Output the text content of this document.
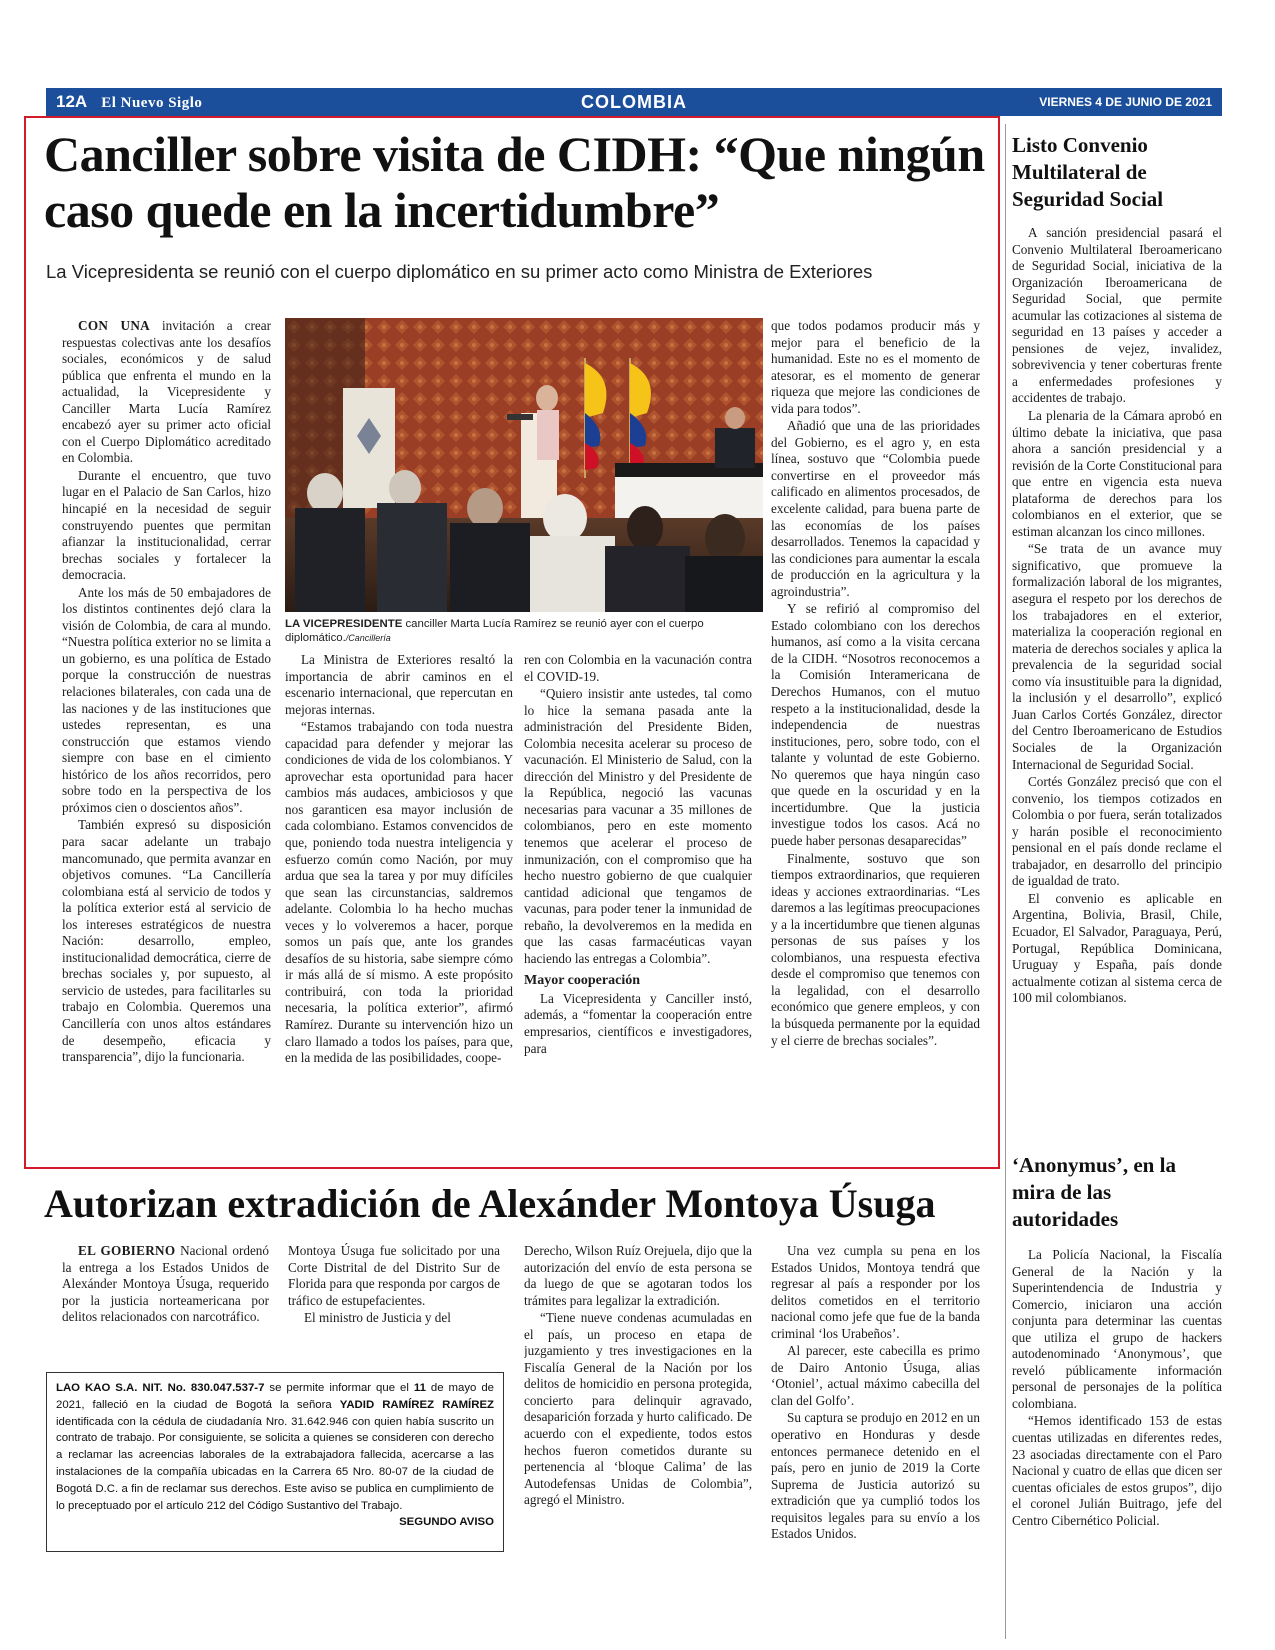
12A El Nuevo Siglo	COLOMBIA	VIERNES 4 DE JUNIO DE 2021
Canciller sobre visita de CIDH: “Que ningún caso quede en la incertidumbre”
La Vicepresidenta se reunió con el cuerpo diplomático en su primer acto como Ministra de Exteriores

CON UNA invitación a crear respuestas colectivas ante los desafíos sociales, económicos y de salud pública que enfrenta el mundo en la actualidad, la Vicepresidente y Canciller Marta Lucía Ramírez encabezó ayer su primer acto oficial con el Cuerpo Diplomático acreditado en Colombia.

Durante el encuentro, que tuvo lugar en el Palacio de San Carlos, hizo hincapié en la necesidad de seguir construyendo puentes que permitan afianzar la institucionalidad, cerrar brechas sociales y fortalecer la democracia.

Ante los más de 50 embajadores de los distintos continentes dejó clara la visión de Colombia, de cara al mundo. “Nuestra política exterior no se limita a un gobierno, es una política de Estado porque la construcción de nuestras relaciones bilaterales, con cada una de las naciones y de las instituciones que ustedes representan, es una construcción que estamos viendo siempre con base en el cimiento histórico de los años recorridos, pero sobre todo en la perspectiva de los próximos cien o doscientos años”.

También expresó su disposición para sacar adelante un trabajo mancomunado, que permita avanzar en objetivos comunes. “La Cancillería colombiana está al servicio de todos y la política exterior está al servicio de los intereses estratégicos de nuestra Nación: desarrollo, empleo, institucionalidad democrática, cierre de brechas sociales y, por supuesto, al servicio de ustedes, para facilitarles su trabajo en Colombia. Queremos una Cancillería con unos altos estándares de desempeño, eficacia y transparencia”, dijo la funcionaria.

LA VICEPRESIDENTE canciller Marta Lucía Ramírez se reunió ayer con el cuerpo diplomático./Cancillería

La Ministra de Exteriores resaltó la importancia de abrir caminos en el escenario internacional, que repercutan en mejoras internas.

“Estamos trabajando con toda nuestra capacidad para defender y mejorar las condiciones de vida de los colombianos. Y aprovechar esta oportunidad para hacer cambios más audaces, ambiciosos y que nos garanticen esa mayor inclusión de cada colombiano. Estamos convencidos de que, poniendo toda nuestra inteligencia y esfuerzo común como Nación, por muy ardua que sea la tarea y por muy difíciles que sean las circunstancias, saldremos adelante. Colombia lo ha hecho muchas veces y lo volveremos a hacer, porque somos un país que, ante los grandes desafíos de su historia, sabe siempre cómo ir más allá de sí mismo. A este propósito contribuirá, con toda la prioridad necesaria, la política exterior”, afirmó Ramírez. Durante su intervención hizo un claro llamado a todos los países, para que, en la medida de las posibilidades, coope-

ren con Colombia en la vacunación contra el COVID-19.

“Quiero insistir ante ustedes, tal como lo hice la semana pasada ante la administración del Presidente Biden, Colombia necesita acelerar su proceso de vacunación. El Ministerio de Salud, con la dirección del Ministro y del Presidente de la República, negoció las vacunas necesarias para vacunar a 35 millones de colombianos, pero en este momento tenemos que acelerar el proceso de inmunización, con el compromiso que ha hecho nuestro gobierno de que cualquier cantidad adicional que tengamos de vacunas, para poder tener la inmunidad de rebaño, la devolveremos en la medida en que las casas farmacéuticas vayan haciendo las entregas a Colombia”.

Mayor cooperación

La Vicepresidenta y Canciller instó, además, a “fomentar la cooperación entre empresarios, científicos e investigadores, para

que todos podamos producir más y mejor para el beneficio de la humanidad. Este no es el momento de atesorar, es el momento de generar riqueza que mejore las condiciones de vida para todos”.

Añadió que una de las prioridades del Gobierno, es el agro y, en esta línea, sostuvo que “Colombia puede convertirse en el proveedor más calificado en alimentos procesados, de excelente calidad, para buena parte de las economías de los países desarrollados. Tenemos la capacidad y las condiciones para aumentar la escala de producción en la agricultura y la agroindustria”.

Y se refirió al compromiso del Estado colombiano con los derechos humanos, así como a la visita cercana de la CIDH. “Nosotros reconocemos a la Comisión Interamericana de Derechos Humanos, con el mutuo respeto a la institucionalidad, desde la independencia de nuestras instituciones, pero, sobre todo, con el talante y voluntad de este Gobierno. No queremos que haya ningún caso que quede en la oscuridad y en la incertidumbre. Que la justicia investigue todos los casos. Acá no puede haber personas desaparecidas”

Finalmente, sostuvo que son tiempos extraordinarios, que requieren ideas y acciones extraordinarias. “Les daremos a las legítimas preocupaciones y a la incertidumbre que tienen algunas personas de sus países y los colombianos, una respuesta efectiva desde el compromiso que tenemos con la legalidad, con el desarrollo económico que genere empleos, y con la búsqueda permanente por la equidad y el cierre de brechas sociales”.

Listo Convenio Multilateral de Seguridad Social

A sanción presidencial pasará el Convenio Multilateral Iberoamericano de Seguridad Social, iniciativa de la Organización Iberoamericana de Seguridad Social, que permite acumular las cotizaciones al sistema de seguridad en 13 países y acceder a pensiones de vejez, invalidez, sobrevivencia y tener coberturas frente a enfermedades profesiones y accidentes de trabajo.

La plenaria de la Cámara aprobó en último debate la iniciativa, que pasa ahora a sanción presidencial y a revisión de la Corte Constitucional para que entre en vigencia esta nueva plataforma de derechos para los colombianos en el exterior, que se estiman alcanzan los cinco millones.

“Se trata de un avance muy significativo, que promueve la formalización laboral de los migrantes, asegura el respeto por los derechos de los trabajadores en el exterior, materializa la cooperación regional en materia de derechos sociales y aplica la prevalencia de la seguridad social como vía insustituible para la dignidad, la inclusión y el desarrollo”, explicó Juan Carlos Cortés González, director del Centro Iberoamericano de Estudios Sociales de la Organización Internacional de Seguridad Social.

Cortés González precisó que con el convenio, los tiempos cotizados en Colombia o por fuera, serán totalizados y harán posible el reconocimiento pensional en el país donde reclame el trabajador, en desarrollo del principio de igualdad de trato.

El convenio es aplicable en Argentina, Bolivia, Brasil, Chile, Ecuador, El Salvador, Paraguaya, Perú, Portugal, República Dominicana, Uruguay y España, país donde actualmente cotizan al sistema cerca de 100 mil colombianos.

‘Anonymus’, en la mira de las autoridades

La Policía Nacional, la Fiscalía General de la Nación y la Superintendencia de Industria y Comercio, iniciaron una acción conjunta para determinar las cuentas que utiliza el grupo de hackers autodenominado ‘Anonymous’, que reveló públicamente información personal de personajes de la política colombiana.

“Hemos identificado 153 de estas cuentas utilizadas en diferentes redes, 23 asociadas directamente con el Paro Nacional y cuatro de ellas que dicen ser cuentas oficiales de estos grupos”, dijo el coronel Julián Buitrago, jefe del Centro Cibernético Policial.

Autorizan extradición de Alexánder Montoya Úsuga

EL GOBIERNO Nacional ordenó la entrega a los Estados Unidos de Alexánder Montoya Úsuga, requerido por la justicia norteamericana por delitos relacionados con narcotráfico.

Montoya Úsuga fue solicitado por una Corte Distrital de del Distrito Sur de Florida para que responda por cargos de tráfico de estupefacientes.

El ministro de Justicia y del

Derecho, Wilson Ruíz Orejuela, dijo que la autorización del envío de esta persona se da luego de que se agotaran todos los trámites para legalizar la extradición.

“Tiene nueve condenas acumuladas en el país, un proceso en etapa de juzgamiento y tres investigaciones en la Fiscalía General de la Nación por los delitos de homicidio en persona protegida, concierto para delinquir agravado, desaparición forzada y hurto calificado. De acuerdo con el expediente, todos estos hechos fueron cometidos durante su pertenencia al ‘bloque Calima’ de las Autodefensas Unidas de Colombia”, agregó el Ministro.

Una vez cumpla su pena en los Estados Unidos, Montoya tendrá que regresar al país a responder por los delitos cometidos en el territorio nacional como jefe que fue de la banda criminal ‘los Urabeños’.

Al parecer, este cabecilla es primo de Dairo Antonio Úsuga, alias ‘Otoniel’, actual máximo cabecilla del clan del Golfo’.

Su captura se produjo en 2012 en un operativo en Honduras y desde entonces permanece detenido en el país, pero en junio de 2019 la Corte Suprema de Justicia autorizó su extradición que ya cumplió todos los requisitos legales para su envío a los Estados Unidos.

LAO KAO S.A. NIT. No. 830.047.537-7 se permite informar que el 11 de mayo de 2021, falleció en la ciudad de Bogotá la señora YADID RAMÍREZ RAMÍREZ identificada con la cédula de ciudadanía Nro. 31.642.946 con quien había suscrito un contrato de trabajo. Por consiguiente, se solicita a quienes se consideren con derecho a reclamar las acreencias laborales de la extrabajadora fallecida, acercarse a las instalaciones de la compañía ubicadas en la Carrera 65 Nro. 80-07 de la ciudad de Bogotá D.C. a fin de reclamar sus derechos. Este aviso se publica en cumplimiento de lo preceptuado por el artículo 212 del Código Sustantivo del Trabajo.
SEGUNDO AVISO
